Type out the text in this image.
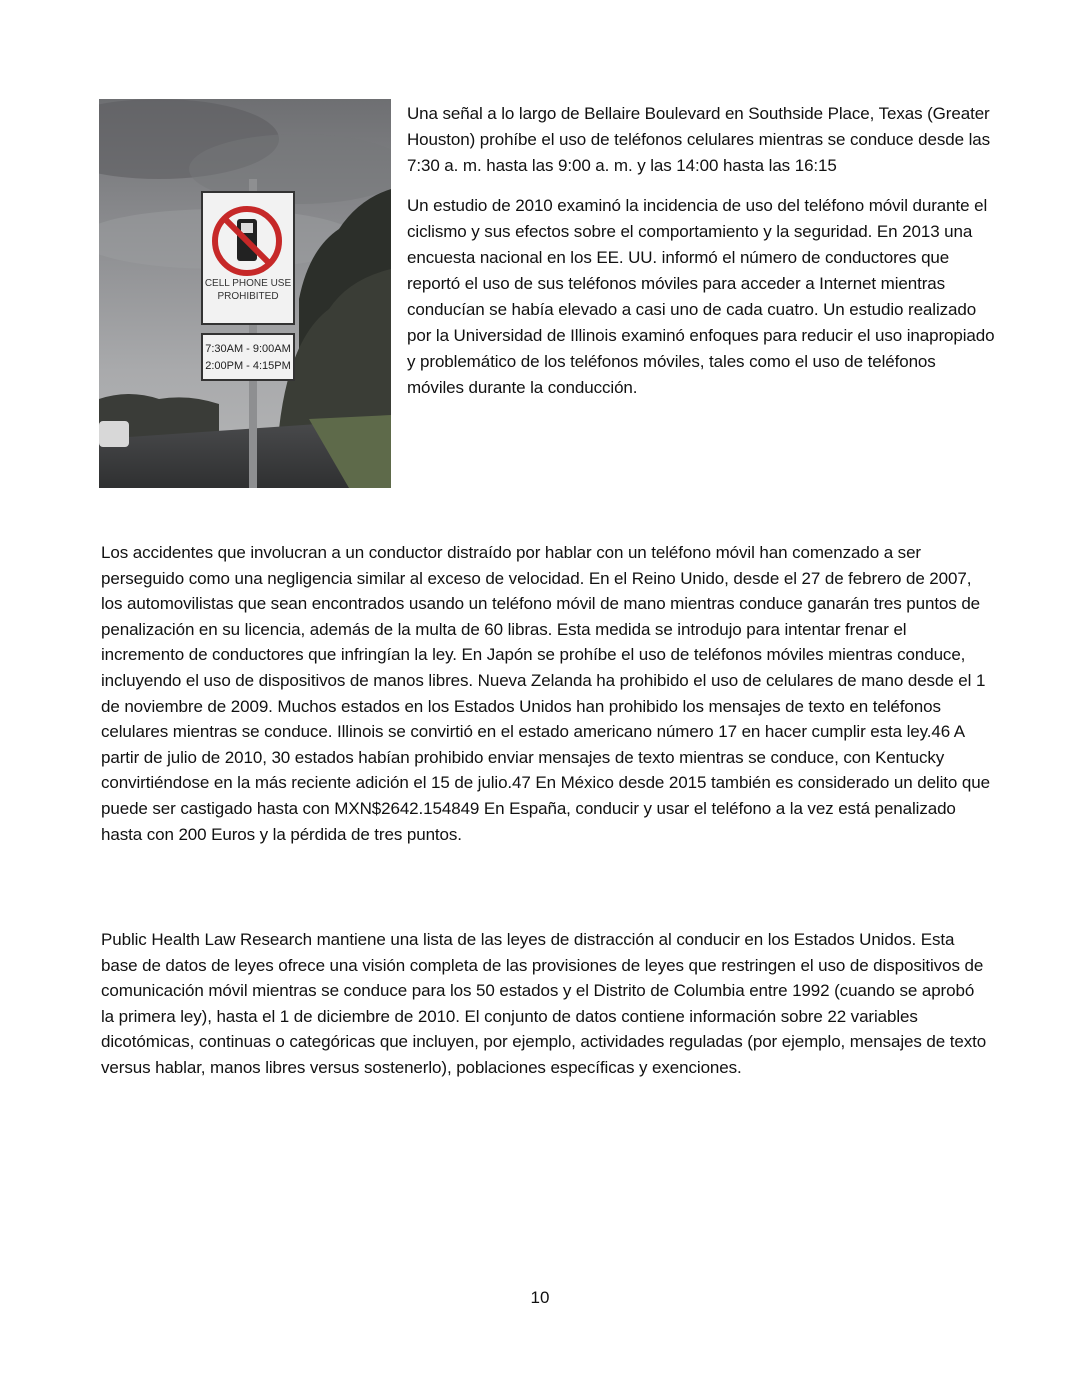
CELL PHONE USE
PROHIBITED
7:30AM - 9:00AM
2:00PM - 4:15PM

Una señal a lo largo de Bellaire Boulevard en Southside Place, Texas (Greater Houston) prohíbe el uso de teléfonos celulares mientras se conduce desde las 7:30 a. m. hasta las 9:00 a. m. y las 14:00 hasta las 16:15

Un estudio de 2010 examinó la incidencia de uso del teléfono móvil durante el ciclismo y sus efectos sobre el comportamiento y la seguridad. En 2013 una encuesta nacional en los EE. UU. informó el número de conductores que reportó el uso de sus teléfonos móviles para acceder a Internet mientras conducían se había elevado a casi uno de cada cuatro. Un estudio realizado por la Universidad de Illinois examinó enfoques para reducir el uso inapropiado y problemático de los teléfonos móviles, tales como el uso de teléfonos móviles durante la conducción.

Los accidentes que involucran a un conductor distraído por hablar con un teléfono móvil han comenzado a ser perseguido como una negligencia similar al exceso de velocidad. En el Reino Unido, desde el 27 de febrero de 2007, los automovilistas que sean encontrados usando un teléfono móvil de mano mientras conduce ganarán tres puntos de penalización en su licencia, además de la multa de 60 libras. Esta medida se introdujo para intentar frenar el incremento de conductores que infringían la ley. En Japón se prohíbe el uso de teléfonos móviles mientras conduce, incluyendo el uso de dispositivos de manos libres. Nueva Zelanda ha prohibido el uso de celulares de mano desde el 1 de noviembre de 2009. Muchos estados en los Estados Unidos han prohibido los mensajes de texto en teléfonos celulares mientras se conduce. Illinois se convirtió en el estado americano número 17 en hacer cumplir esta ley.46 A partir de julio de 2010, 30 estados habían prohibido enviar mensajes de texto mientras se conduce, con Kentucky convirtiéndose en la más reciente adición el 15 de julio.47 En México desde 2015 también es considerado un delito que puede ser castigado hasta con MXN$2642.154849 En España, conducir y usar el teléfono a la vez está penalizado hasta con 200 Euros y la pérdida de tres puntos.

Public Health Law Research mantiene una lista de las leyes de distracción al conducir en los Estados Unidos. Esta base de datos de leyes ofrece una visión completa de las provisiones de leyes que restringen el uso de dispositivos de comunicación móvil mientras se conduce para los 50 estados y el Distrito de Columbia entre 1992 (cuando se aprobó la primera ley), hasta el 1 de diciembre de 2010. El conjunto de datos contiene información sobre 22 variables dicotómicas, continuas o categóricas que incluyen, por ejemplo, actividades reguladas (por ejemplo, mensajes de texto versus hablar, manos libres versus sostenerlo), poblaciones específicas y exenciones.

10
